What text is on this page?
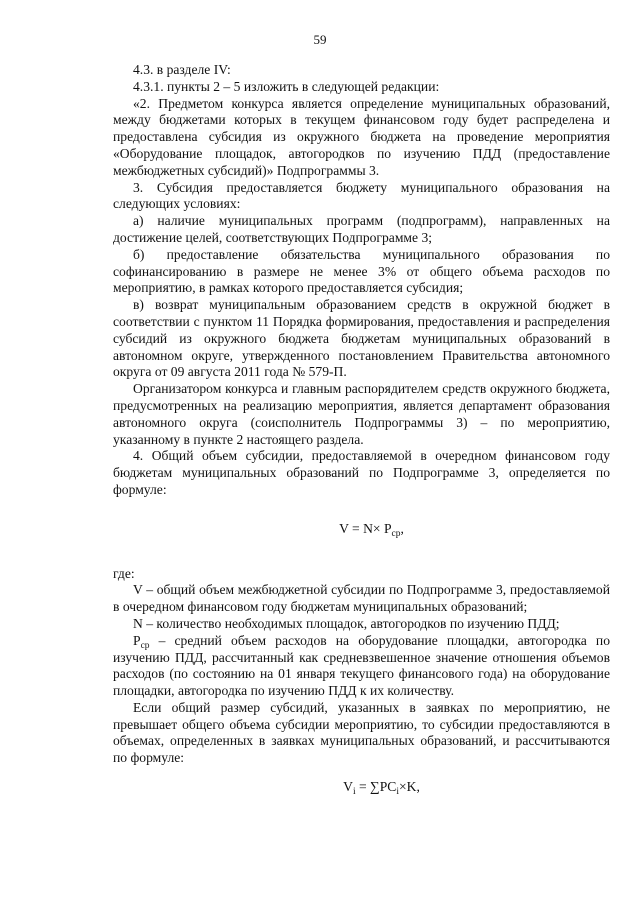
59

4.3. в разделе IV:

4.3.1. пункты 2 – 5 изложить в следующей редакции:

«2. Предметом конкурса является определение муниципальных образований, между бюджетами которых в текущем финансовом году будет распределена и предоставлена субсидия из окружного бюджета на проведение мероприятия «Оборудование площадок, автогородков по изучению ПДД (предоставление межбюджетных субсидий)» Подпрограммы 3.

3. Субсидия предоставляется бюджету муниципального образования на следующих условиях:

а) наличие муниципальных программ (подпрограмм), направленных на достижение целей, соответствующих Подпрограмме 3;

б) предоставление обязательства муниципального образования по софинансированию в размере не менее 3% от общего объема расходов по мероприятию, в рамках которого предоставляется субсидия;

в) возврат муниципальным образованием средств в окружной бюджет в соответствии с пунктом 11 Порядка формирования, предоставления и распределения субсидий из окружного бюджета бюджетам муниципальных образований в автономном округе, утвержденного постановлением Правительства автономного округа от 09 августа 2011 года № 579-П.

Организатором конкурса и главным распорядителем средств окружного бюджета, предусмотренных на реализацию мероприятия, является департамент образования автономного округа (соисполнитель Подпрограммы 3) – по мероприятию, указанному в пункте 2 настоящего раздела.

4. Общий объем субсидии, предоставляемой в очередном финансовом году бюджетам муниципальных образований по Подпрограмме 3, определяется по формуле:

$V = N\times P_{ср}$,

где:

V – общий объем межбюджетной субсидии по Подпрограмме 3, предоставляемой в очередном финансовом году бюджетам муниципальных образований;

N – количество необходимых площадок, автогородков по изучению ПДД;

$P_{ср}$ – средний объем расходов на оборудование площадки, автогородка по изучению ПДД, рассчитанный как средневзвешенное значение отношения объемов расходов (по состоянию на 01 января текущего финансового года) на оборудование площадки, автогородка по изучению ПДД к их количеству.

Если общий размер субсидий, указанных в заявках по мероприятию, не превышает общего объема субсидии мероприятию, то субсидии предоставляются в объемах, определенных в заявках муниципальных образований, и рассчитываются по формуле:

$V_i = \sum PC_i\times K$,
